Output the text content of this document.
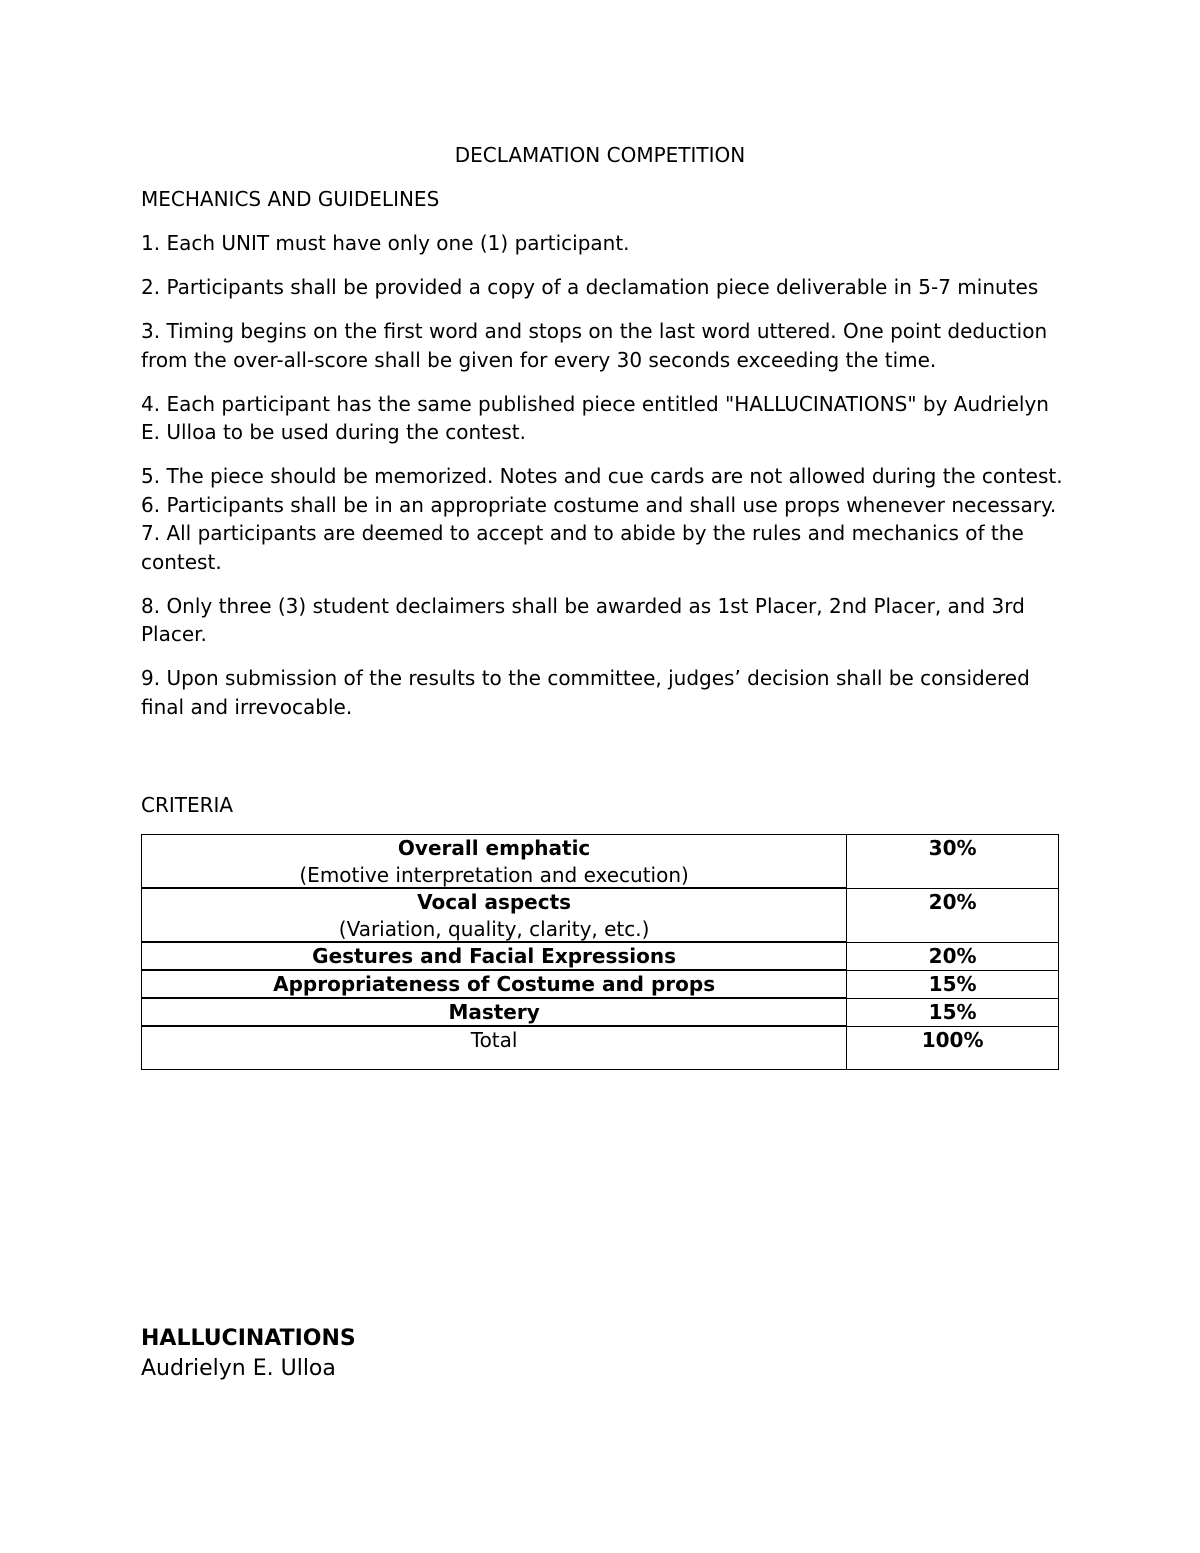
DECLAMATION COMPETITION
MECHANICS AND GUIDELINES

1. Each UNIT must have only one (1) participant.

2. Participants shall be provided a copy of a declamation piece deliverable in 5-7 minutes

3. Timing begins on the first word and stops on the last word uttered. One point deduction from the over-all-score shall be given for every 30 seconds exceeding the time.

4. Each participant has the same published piece entitled "HALLUCINATIONS" by Audrielyn E. Ulloa to be used during the contest.

5. The piece should be memorized. Notes and cue cards are not allowed during the contest. 6. Participants shall be in an appropriate costume and shall use props whenever necessary. 7. All participants are deemed to accept and to abide by the rules and mechanics of the contest.

8. Only three (3) student declaimers shall be awarded as 1st Placer, 2nd Placer, and 3rd Placer.

9. Upon submission of the results to the committee, judges’ decision shall be considered final and irrevocable.

CRITERIA
Overall emphatic
(Emotive interpretation and execution)	30%

Vocal aspects
(Variation, quality, clarity, etc.)	20%

Gestures and Facial Expressions	20%

Appropriateness of Costume and props	15%

Mastery	15%
Total	100%
HALLUCINATIONS
Audrielyn E. Ulloa
